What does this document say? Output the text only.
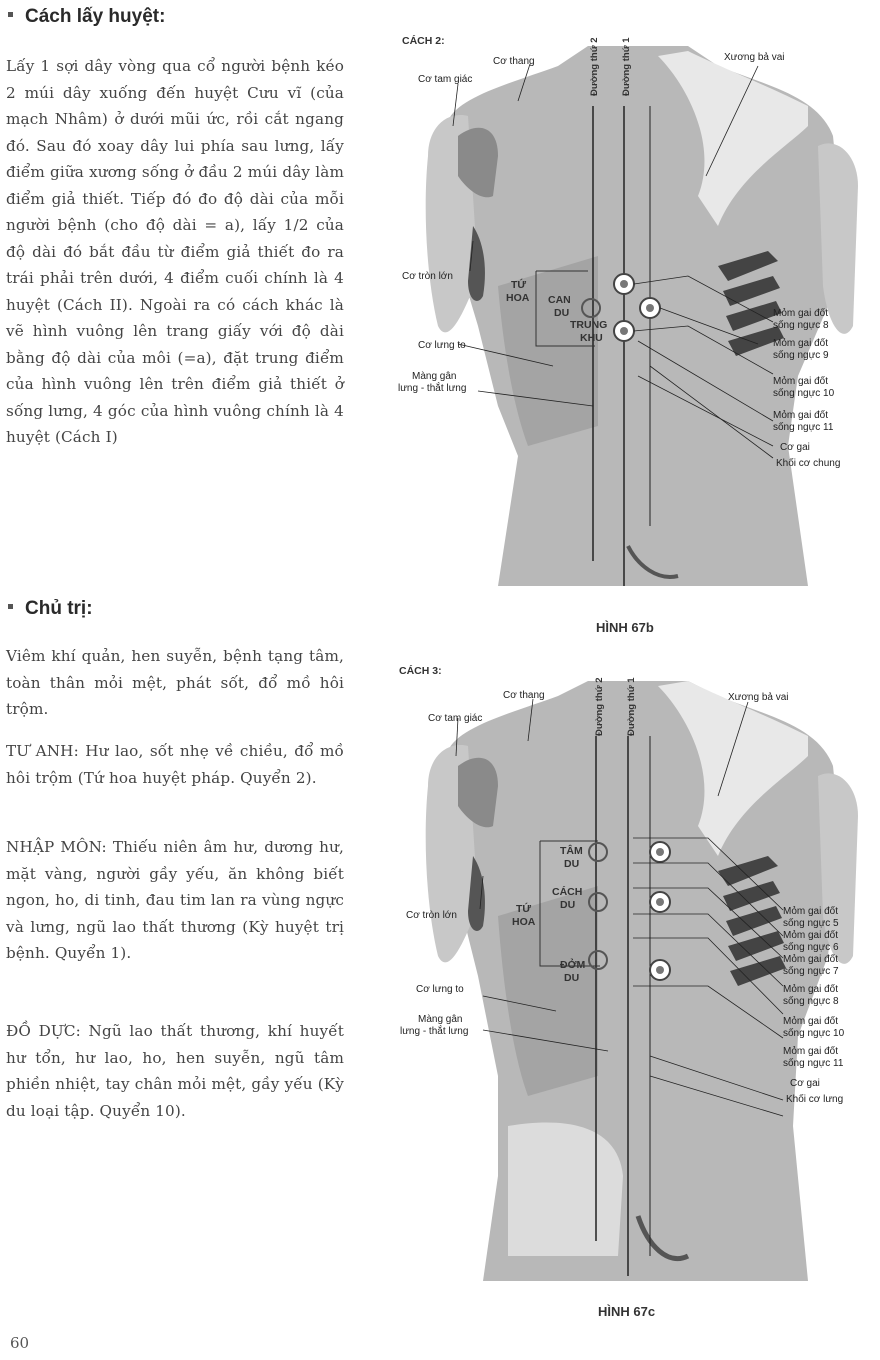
Cách lấy huyệt:

Lấy 1 sợi dây vòng qua cổ người bệnh kéo 2 múi dây xuống đến huyệt Cưu vĩ (của mạch Nhâm) ở dưới mũi ức, rồi cắt ngang đó. Sau đó xoay dây lui phía sau lưng, lấy điểm giữa xương sống ở đầu 2 múi dây làm điểm giả thiết. Tiếp đó đo độ dài của mỗi người bệnh (cho độ dài = a), lấy 1/2 của độ dài đó bắt đầu từ điểm giả thiết đo ra trái phải trên dưới, 4 điểm cuối chính là 4 huyệt (Cách II). Ngoài ra có cách khác là vẽ hình vuông lên trang giấy với độ dài bằng độ dài của môi (=a), đặt trung điểm của hình vuông lên trên điểm giả thiết ở sống lưng, 4 góc của hình vuông chính là 4 huyệt (Cách I)

Chủ trị:

Viêm khí quản, hen suyễn, bệnh tạng tâm, toàn thân mỏi mệt, phát sốt, đổ mồ hôi trộm.

TƯ ANH: Hư lao, sốt nhẹ về chiều, đổ mồ hôi trộm (Tứ hoa huyệt pháp. Quyển 2).

NHẬP MÔN: Thiếu niên âm hư, dương hư, mặt vàng, người gầy yếu, ăn không biết ngon, ho, di tinh, đau tim lan ra vùng ngực và lưng, ngũ lao thất thương (Kỳ huyệt trị bệnh. Quyển 1).

ĐỒ DỰC: Ngũ lao thất thương, khí huyết hư tổn, hư lao, ho, hen suyễn, ngũ tâm phiền nhiệt, tay chân mỏi mệt, gầy yếu (Kỳ du loại tập. Quyển 10).

60
CÁCH 2:
Cơ thang
Cơ tam giác
Xương bả vai
Đường thứ 2 Đường thứ 1
Cơ tròn lớn
TỨ
HOA CAN
DU
TRUNG
KHU
Cơ lưng to
Màng gân
lưng - thắt lưng
Mỏm gai đốt
sống ngực 8
Mỏm gai đốt
sống ngực 9
Mỏm gai đốt
sống ngực 10
Mỏm gai đốt
sống ngực 11
Cơ gai
Khối cơ chung
HÌNH 67b
CÁCH 3:
Cơ thang
Cơ tam giác
Xương bả vai
Đường thứ 2 Đường thứ 1
Cơ tròn lớn
TỨ
HOA
TÂM
DU
CÁCH
DU
ĐỞM
DU
Cơ lưng to
Màng gân
lưng - thắt lưng
Mỏm gai đốt
sống ngực 5
Mỏm gai đốt
sống ngực 6
Mỏm gai đốt
sống ngực 7
Mỏm gai đốt
sống ngực 8
Mỏm gai đốt
sống ngực 10
Mỏm gai đốt
sống ngực 11
Cơ gai
Khối cơ lưng
HÌNH 67c
